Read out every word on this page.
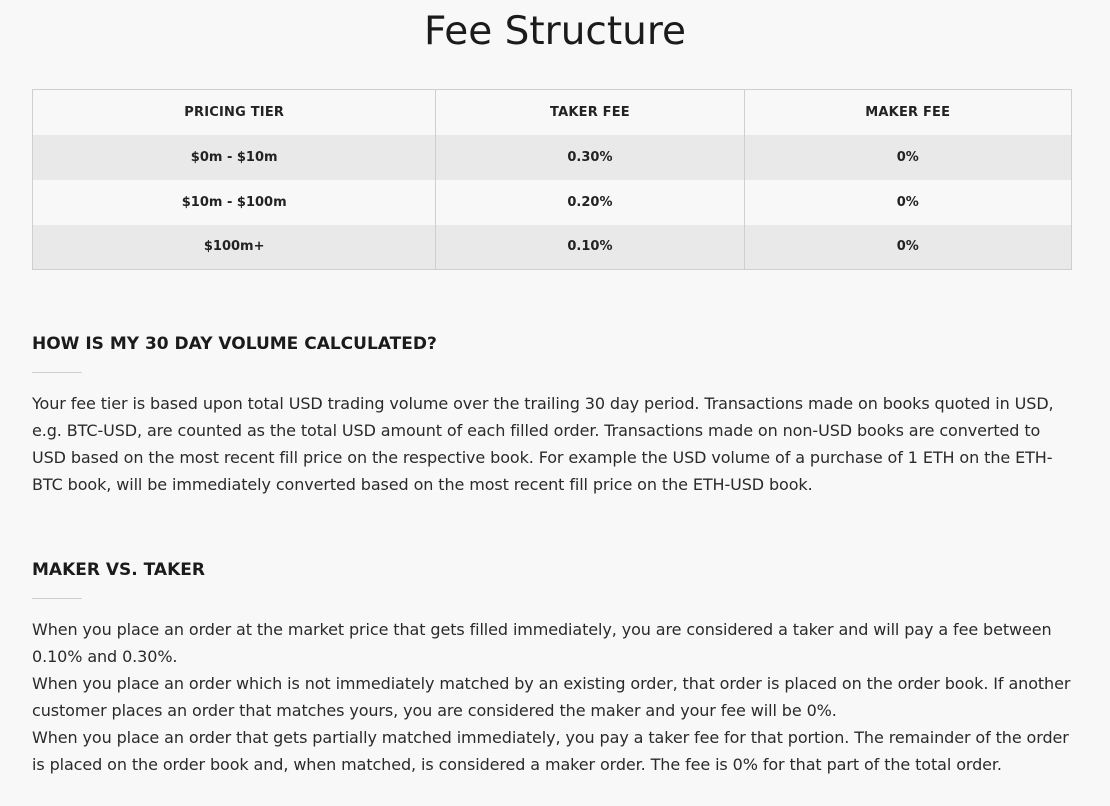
Fee Structure
PRICING TIER	TAKER FEE	MAKER FEE
$0m - $10m	0.30%	0%
$10m - $100m	0.20%	0%
$100m+	0.10%	0%
HOW IS MY 30 DAY VOLUME CALCULATED?
Your fee tier is based upon total USD trading volume over the trailing 30 day period. Transactions made on books quoted in USD, e.g. BTC-USD, are counted as the total USD amount of each filled order. Transactions made on non-USD books are converted to USD based on the most recent fill price on the respective book. For example the USD volume of a purchase of 1 ETH on the ETH-BTC book, will be immediately converted based on the most recent fill price on the ETH-USD book.
MAKER VS. TAKER

When you place an order at the market price that gets filled immediately, you are considered a taker and will pay a fee between 0.10% and 0.30%.

When you place an order which is not immediately matched by an existing order, that order is placed on the order book. If another customer places an order that matches yours, you are considered the maker and your fee will be 0%.

When you place an order that gets partially matched immediately, you pay a taker fee for that portion. The remainder of the order is placed on the order book and, when matched, is considered a maker order. The fee is 0% for that part of the total order.
